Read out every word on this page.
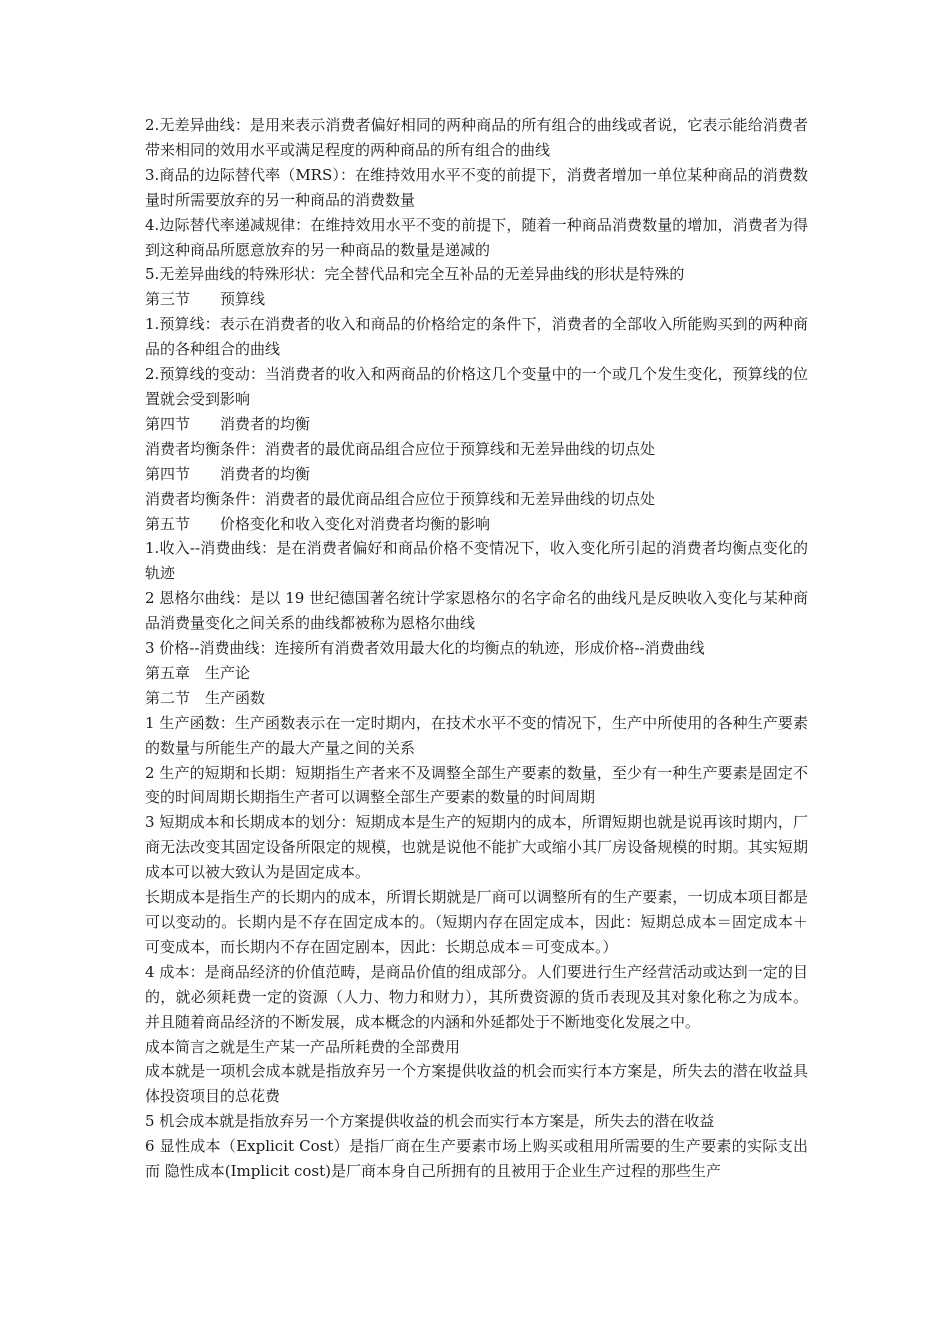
2.无差异曲线：是用来表示消费者偏好相同的两种商品的所有组合的曲线或者说，它表示能给消费者带来相同的效用水平或满足程度的两种商品的所有组合的曲线

3.商品的边际替代率（MRS）：在维持效用水平不变的前提下，消费者增加一单位某种商品的消费数量时所需要放弃的另一种商品的消费数量

4.边际替代率递减规律：在维持效用水平不变的前提下，随着一种商品消费数量的增加，消费者为得到这种商品所愿意放弃的另一种商品的数量是递减的

5.无差异曲线的特殊形状：完全替代品和完全互补品的无差异曲线的形状是特殊的

第三节　　预算线

1.预算线：表示在消费者的收入和商品的价格给定的条件下，消费者的全部收入所能购买到的两种商品的各种组合的曲线

2.预算线的变动：当消费者的收入和两商品的价格这几个变量中的一个或几个发生变化，预算线的位置就会受到影响

第四节　　消费者的均衡

消费者均衡条件：消费者的最优商品组合应位于预算线和无差异曲线的切点处

第四节　　消费者的均衡

消费者均衡条件：消费者的最优商品组合应位于预算线和无差异曲线的切点处

第五节　　价格变化和收入变化对消费者均衡的影响

1.收入--消费曲线：是在消费者偏好和商品价格不变情况下，收入变化所引起的消费者均衡点变化的轨迹

2 恩格尔曲线：是以 19 世纪德国著名统计学家恩格尔的名字命名的曲线凡是反映收入变化与某种商品消费量变化之间关系的曲线都被称为恩格尔曲线

3 价格--消费曲线：连接所有消费者效用最大化的均衡点的轨迹，形成价格--消费曲线

第五章　生产论

第二节　生产函数

1 生产函数：生产函数表示在一定时期内，在技术水平不变的情况下，生产中所使用的各种生产要素的数量与所能生产的最大产量之间的关系

2 生产的短期和长期：短期指生产者来不及调整全部生产要素的数量，至少有一种生产要素是固定不变的时间周期长期指生产者可以调整全部生产要素的数量的时间周期

3 短期成本和长期成本的划分：短期成本是生产的短期内的成本，所谓短期也就是说再该时期内，厂商无法改变其固定设备所限定的规模，也就是说他不能扩大或缩小其厂房设备规模的时期。其实短期成本可以被大致认为是固定成本。

长期成本是指生产的长期内的成本，所谓长期就是厂商可以调整所有的生产要素，一切成本项目都是可以变动的。长期内是不存在固定成本的。（短期内存在固定成本，因此：短期总成本＝固定成本＋可变成本，而长期内不存在固定剧本，因此：长期总成本＝可变成本。）

4 成本：是商品经济的价值范畴，是商品价值的组成部分。人们要进行生产经营活动或达到一定的目的，就必须耗费一定的资源（人力、物力和财力），其所费资源的货币表现及其对象化称之为成本。 并且随着商品经济的不断发展，成本概念的内涵和外延都处于不断地变化发展之中。

成本简言之就是生产某一产品所耗费的全部费用

成本就是一项机会成本就是指放弃另一个方案提供收益的机会而实行本方案是，所失去的潜在收益具体投资项目的总花费

5 机会成本就是指放弃另一个方案提供收益的机会而实行本方案是，所失去的潜在收益

6 显性成本（Explicit Cost）是指厂商在生产要素市场上购买或租用所需要的生产要素的实际支出而 隐性成本(Implicit cost)是厂商本身自己所拥有的且被用于企业生产过程的那些生产
